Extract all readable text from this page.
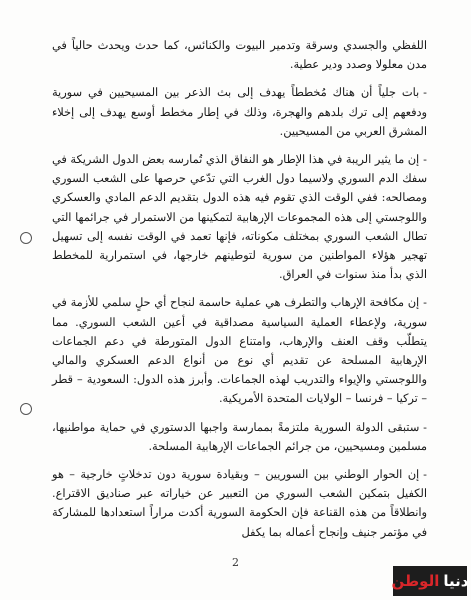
اللفظي والجسدي وسرقة وتدمير البيوت والكنائس، كما حدث ويحدث حالياً في مدن معلولا وصدد ودير عطية.

-بات جلياً أن هناك مُخططاً يهدف إلى بث الذعر بين المسيحيين في سورية ودفعهم إلى ترك بلدهم والهجرة، وذلك في إطار مخطط أوسع يهدف إلى إخلاء المشرق العربي من المسيحيين.

-إن ما يثير الريبة في هذا الإطار هو النفاق الذي تُمارسه بعض الدول الشريكة في سفك الدم السوري ولاسيما دول الغرب التي تدّعي حرصها على الشعب السوري ومصالحه: ففي الوقت الذي تقوم فيه هذه الدول بتقديم الدعم المادي والعسكري واللوجستي إلى هذه المجموعات الإرهابية لتمكينها من الاستمرار في جرائمها التي تطال الشعب السوري بمختلف مكوناته، فإنها تعمد في الوقت نفسه إلى تسهيل تهجير هؤلاء المواطنين من سورية لتوطينهم خارجها، في استمرارية للمخطط الذي بدأ منذ سنوات في العراق.

-إن مكافحة الإرهاب والتطرف هي عملية حاسمة لنجاح أي حلٍ سلمي للأزمة في سورية، ولإعطاء العملية السياسية مصداقية في أعين الشعب السوري. مما يتطلّب وقف العنف والإرهاب، وامتناع الدول المتورطة في دعم الجماعات الإرهابية المسلحة عن تقديم أي نوع من أنواع الدعم العسكري والمالي واللوجستي والإيواء والتدريب لهذه الجماعات. وأبرز هذه الدول: السعودية – قطر – تركيا – فرنسا – الولايات المتحدة الأمريكية.

-ستبقى الدولة السورية ملتزمةً بممارسة واجبها الدستوري في حماية مواطنيها، مسلمين ومسيحيين، من جرائم الجماعات الإرهابية المسلحة.

-إن الحوار الوطني بين السوريين – وبقيادة سورية دون تدخلاتٍ خارجية – هو الكفيل بتمكين الشعب السوري من التعبير عن خياراته عبر صناديق الاقتراع. وانطلاقاً من هذه القناعة فإن الحكومة السورية أكدت مراراً استعدادها للمشاركة في مؤتمر جنيف وإنجاح أعماله بما يكفل

2
دنيا
الوطن
